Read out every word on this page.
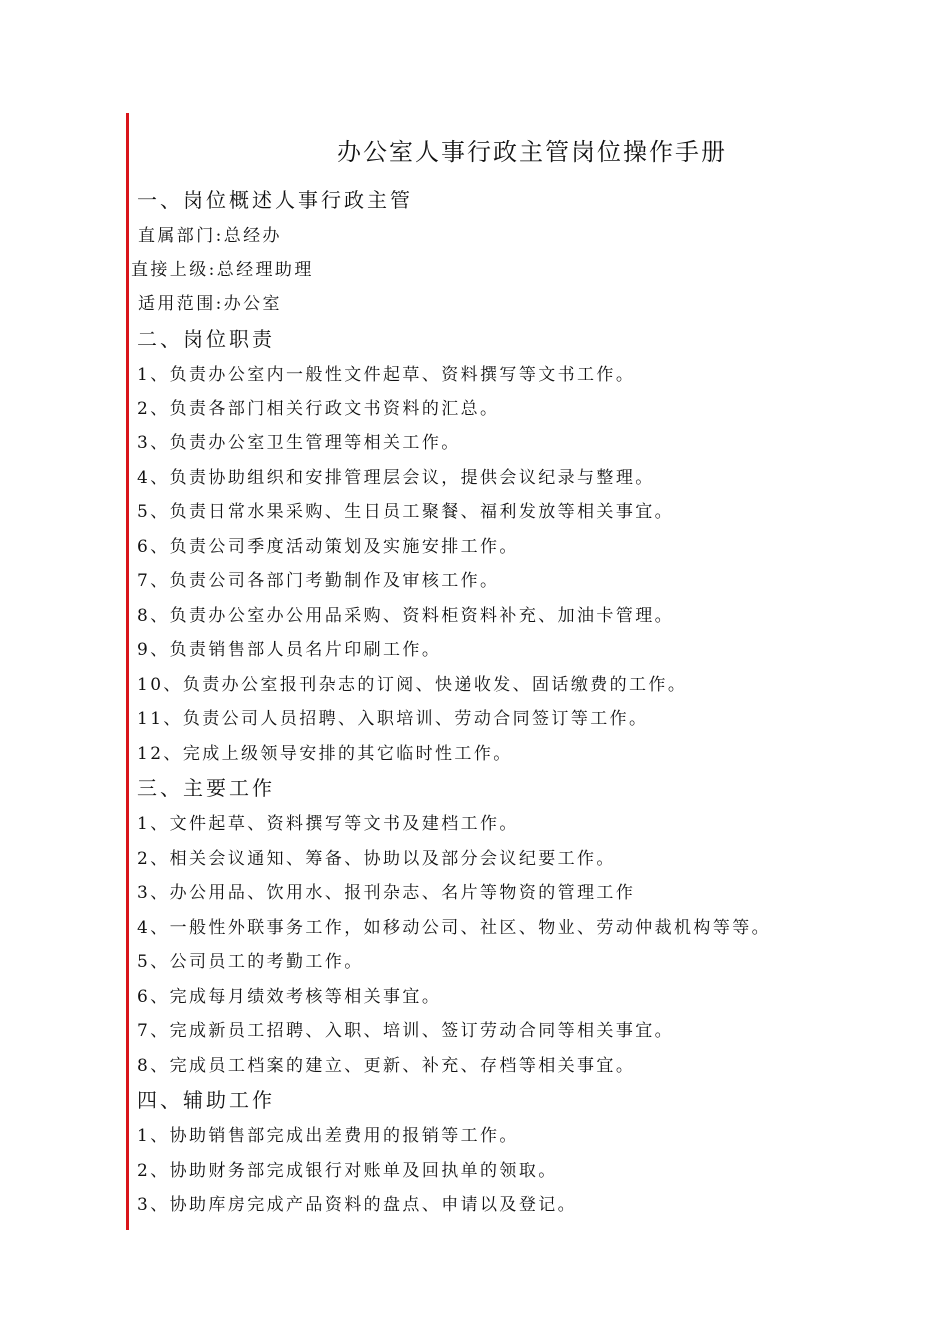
办公室人事行政主管岗位操作手册
一、岗位概述人事行政主管
直属部门:总经办
直接上级:总经理助理
适用范围:办公室
二、岗位职责
1、负责办公室内一般性文件起草、资料撰写等文书工作。
2、负责各部门相关行政文书资料的汇总。
3、负责办公室卫生管理等相关工作。
4、负责协助组织和安排管理层会议，提供会议纪录与整理。
5、负责日常水果采购、生日员工聚餐、福利发放等相关事宜。
6、负责公司季度活动策划及实施安排工作。
7、负责公司各部门考勤制作及审核工作。
8、负责办公室办公用品采购、资料柜资料补充、加油卡管理。
9、负责销售部人员名片印刷工作。
10、负责办公室报刊杂志的订阅、快递收发、固话缴费的工作。
11、负责公司人员招聘、入职培训、劳动合同签订等工作。
12、完成上级领导安排的其它临时性工作。
三、主要工作
1、文件起草、资料撰写等文书及建档工作。
2、相关会议通知、筹备、协助以及部分会议纪要工作。
3、办公用品、饮用水、报刊杂志、名片等物资的管理工作
4、一般性外联事务工作，如移动公司、社区、物业、劳动仲裁机构等等。
5、公司员工的考勤工作。
6、完成每月绩效考核等相关事宜。
7、完成新员工招聘、入职、培训、签订劳动合同等相关事宜。
8、完成员工档案的建立、更新、补充、存档等相关事宜。
四、辅助工作
1、协助销售部完成出差费用的报销等工作。
2、协助财务部完成银行对账单及回执单的领取。
3、协助库房完成产品资料的盘点、申请以及登记。
